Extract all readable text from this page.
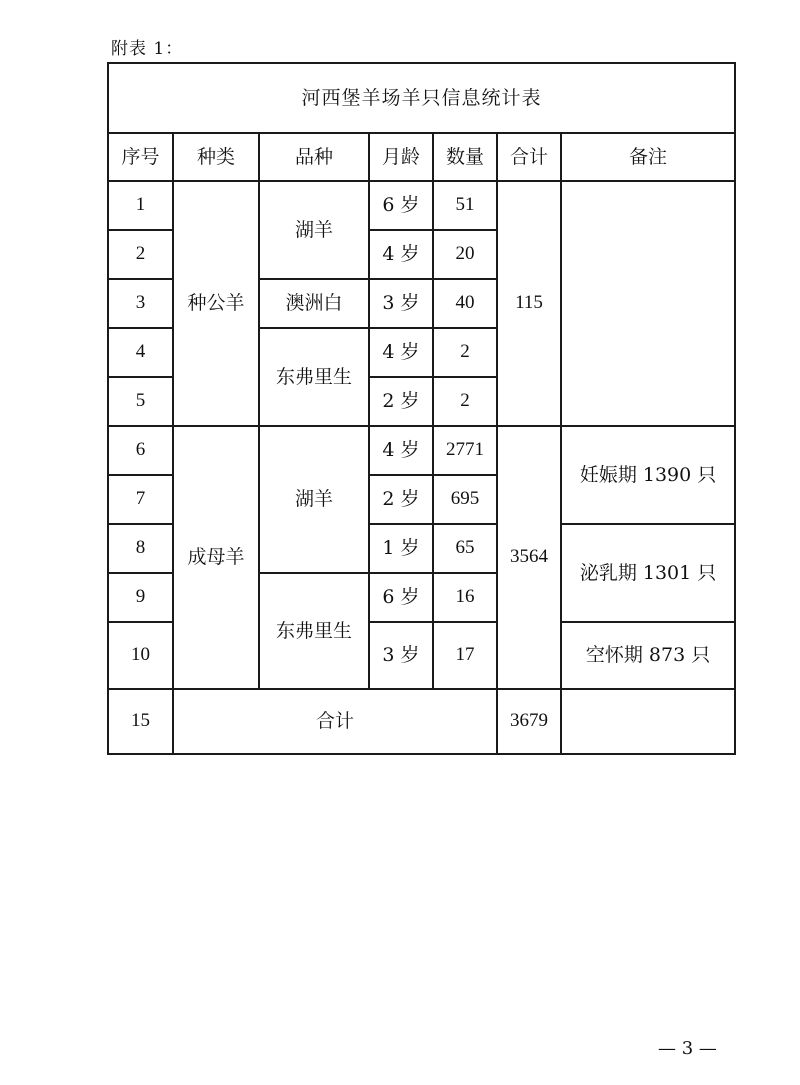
附表 1：
河西堡羊场羊只信息统计表						
序号	种类	品种	月龄	数量	合计	备注
1	种公羊	湖羊	6 岁	51	115	
2			4 岁	20		
3		澳洲白	3 岁	40		
4		东弗里生	4 岁	2		
5			2 岁	2		
6	成母羊	湖羊	4 岁	2771	3564	妊娠期 1390 只
7			2 岁	695		
8			1 岁	65		泌乳期 1301 只
9		东弗里生	6 岁	16		
10			3 岁	17		空怀期 873 只
15	合计				3679	
— 3 —
